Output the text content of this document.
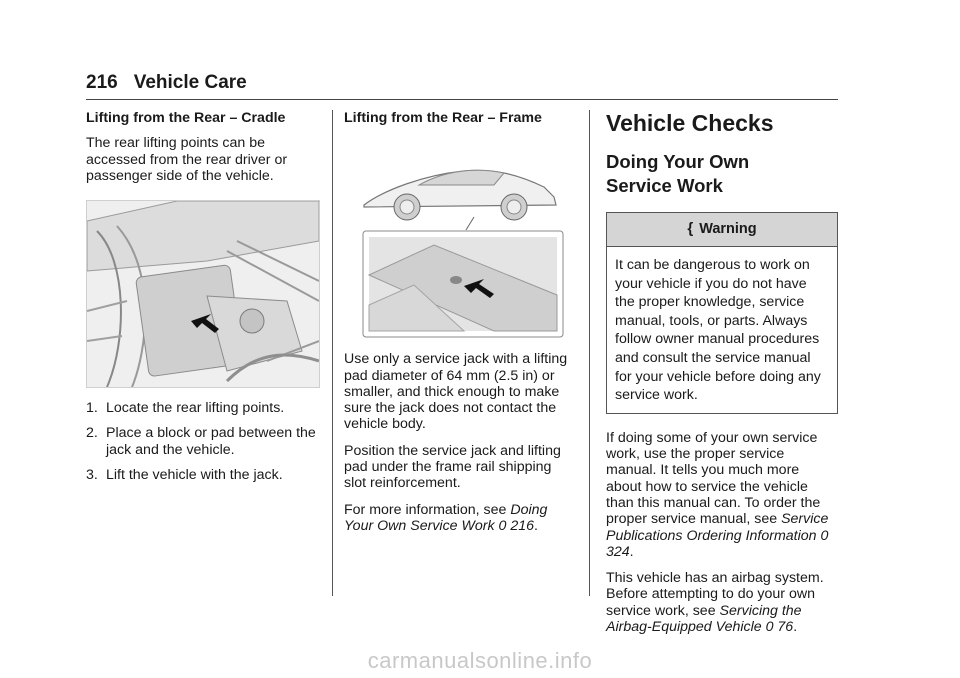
216 Vehicle Care

Lifting from the Rear – Cradle

The rear lifting points can be accessed from the rear driver or passenger side of the vehicle.

1. Locate the rear lifting points.
2. Place a block or pad between the jack and the vehicle.
3. Lift the vehicle with the jack.

Lifting from the Rear – Frame

Use only a service jack with a lifting pad diameter of 64 mm (2.5 in) or smaller, and thick enough to make sure the jack does not contact the vehicle body.

Position the service jack and lifting pad under the frame rail shipping slot reinforcement.

For more information, see Doing Your Own Service Work 0 216.

Vehicle Checks
Doing Your Own
Service Work
{ Warning
It can be dangerous to work on your vehicle if you do not have the proper knowledge, service manual, tools, or parts. Always follow owner manual procedures and consult the service manual for your vehicle before doing any service work.

If doing some of your own service work, use the proper service manual. It tells you much more about how to service the vehicle than this manual can. To order the proper service manual, see Service Publications Ordering Information 0 324.

This vehicle has an airbag system. Before attempting to do your own service work, see Servicing the Airbag-Equipped Vehicle 0 76.

carmanualsonline.info
